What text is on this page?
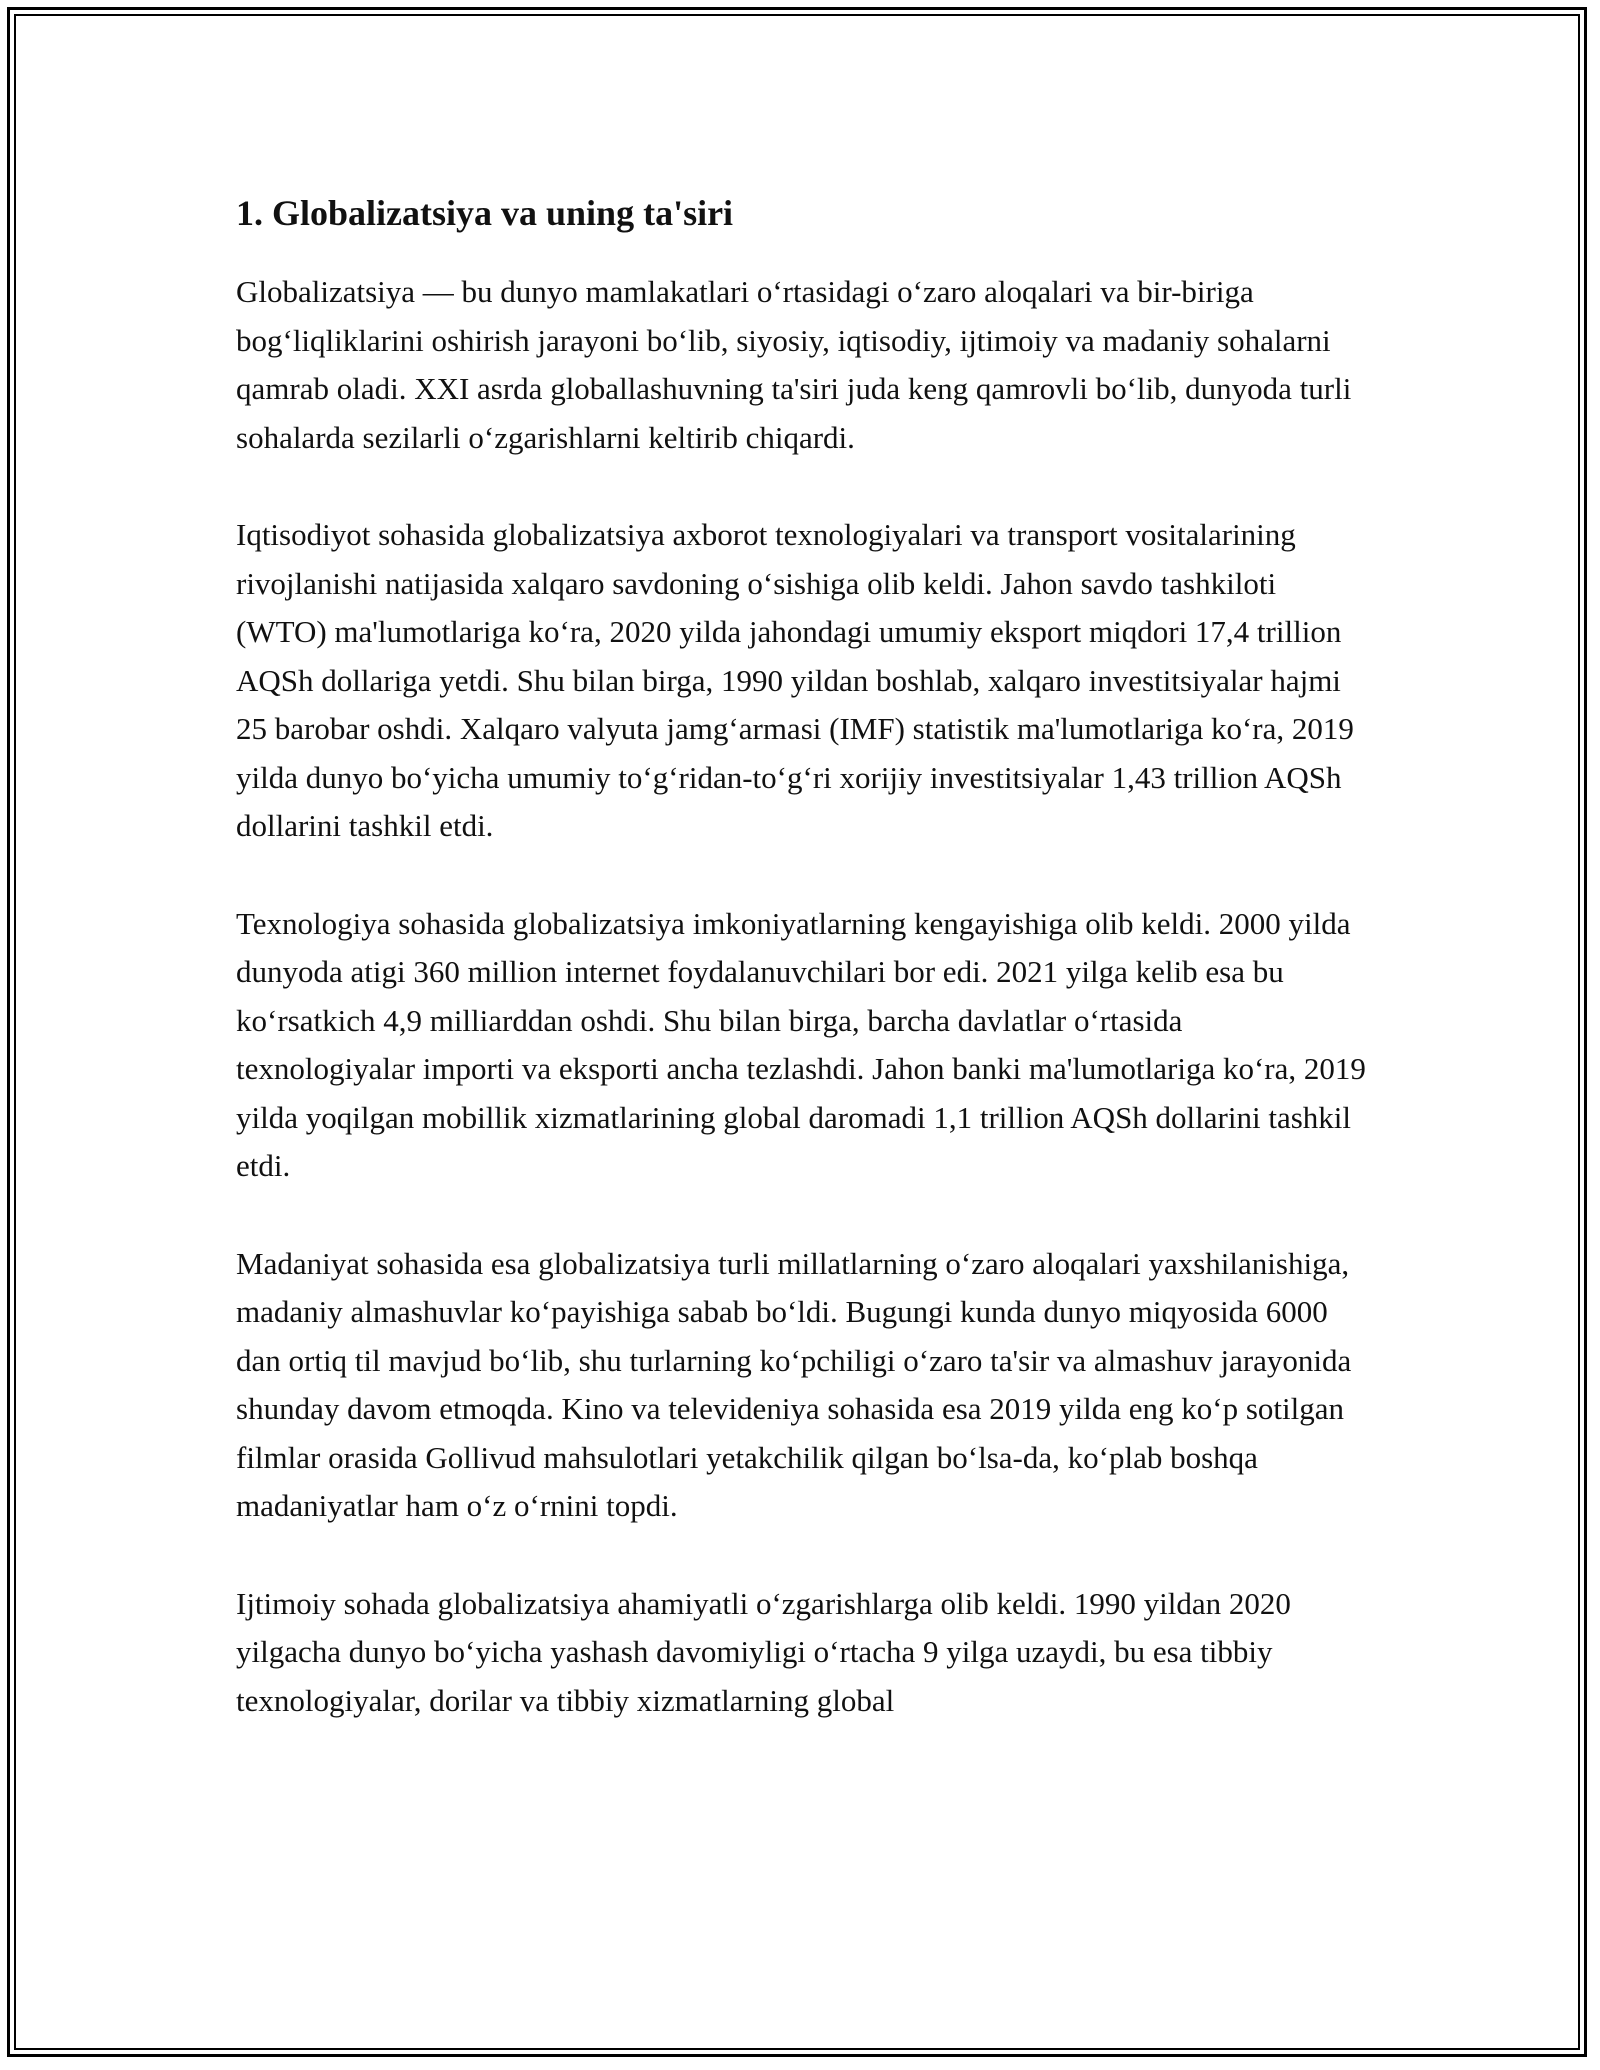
1. Globalizatsiya va uning ta'siri

Globalizatsiya — bu dunyo mamlakatlari o‘rtasidagi o‘zaro aloqalari va bir-biriga bog‘liqliklarini oshirish jarayoni bo‘lib, siyosiy, iqtisodiy, ijtimoiy va madaniy sohalarni qamrab oladi. XXI asrda globallashuvning ta'siri juda keng qamrovli bo‘lib, dunyoda turli sohalarda sezilarli o‘zgarishlarni keltirib chiqardi.

Iqtisodiyot sohasida globalizatsiya axborot texnologiyalari va transport vositalarining rivojlanishi natijasida xalqaro savdoning o‘sishiga olib keldi. Jahon savdo tashkiloti (WTO) ma'lumotlariga ko‘ra, 2020 yilda jahondagi umumiy eksport miqdori 17,4 trillion AQSh dollariga yetdi. Shu bilan birga, 1990 yildan boshlab, xalqaro investitsiyalar hajmi 25 barobar oshdi. Xalqaro valyuta jamg‘armasi (IMF) statistik ma'lumotlariga ko‘ra, 2019 yilda dunyo bo‘yicha umumiy to‘g‘ridan-to‘g‘ri xorijiy investitsiyalar 1,43 trillion AQSh dollarini tashkil etdi.

Texnologiya sohasida globalizatsiya imkoniyatlarning kengayishiga olib keldi. 2000 yilda dunyoda atigi 360 million internet foydalanuvchilari bor edi. 2021 yilga kelib esa bu ko‘rsatkich 4,9 milliarddan oshdi. Shu bilan birga, barcha davlatlar o‘rtasida texnologiyalar importi va eksporti ancha tezlashdi. Jahon banki ma'lumotlariga ko‘ra, 2019 yilda yoqilgan mobillik xizmatlarining global daromadi 1,1 trillion AQSh dollarini tashkil etdi.

Madaniyat sohasida esa globalizatsiya turli millatlarning o‘zaro aloqalari yaxshilanishiga, madaniy almashuvlar ko‘payishiga sabab bo‘ldi. Bugungi kunda dunyo miqyosida 6000 dan ortiq til mavjud bo‘lib, shu turlarning ko‘pchiligi o‘zaro ta'sir va almashuv jarayonida shunday davom etmoqda. Kino va televideniya sohasida esa 2019 yilda eng ko‘p sotilgan filmlar orasida Gollivud mahsulotlari yetakchilik qilgan bo‘lsa-da, ko‘plab boshqa madaniyatlar ham o‘z o‘rnini topdi.

Ijtimoiy sohada globalizatsiya ahamiyatli o‘zgarishlarga olib keldi. 1990 yildan 2020 yilgacha dunyo bo‘yicha yashash davomiyligi o‘rtacha 9 yilga uzaydi, bu esa tibbiy texnologiyalar, dorilar va tibbiy xizmatlarning global
